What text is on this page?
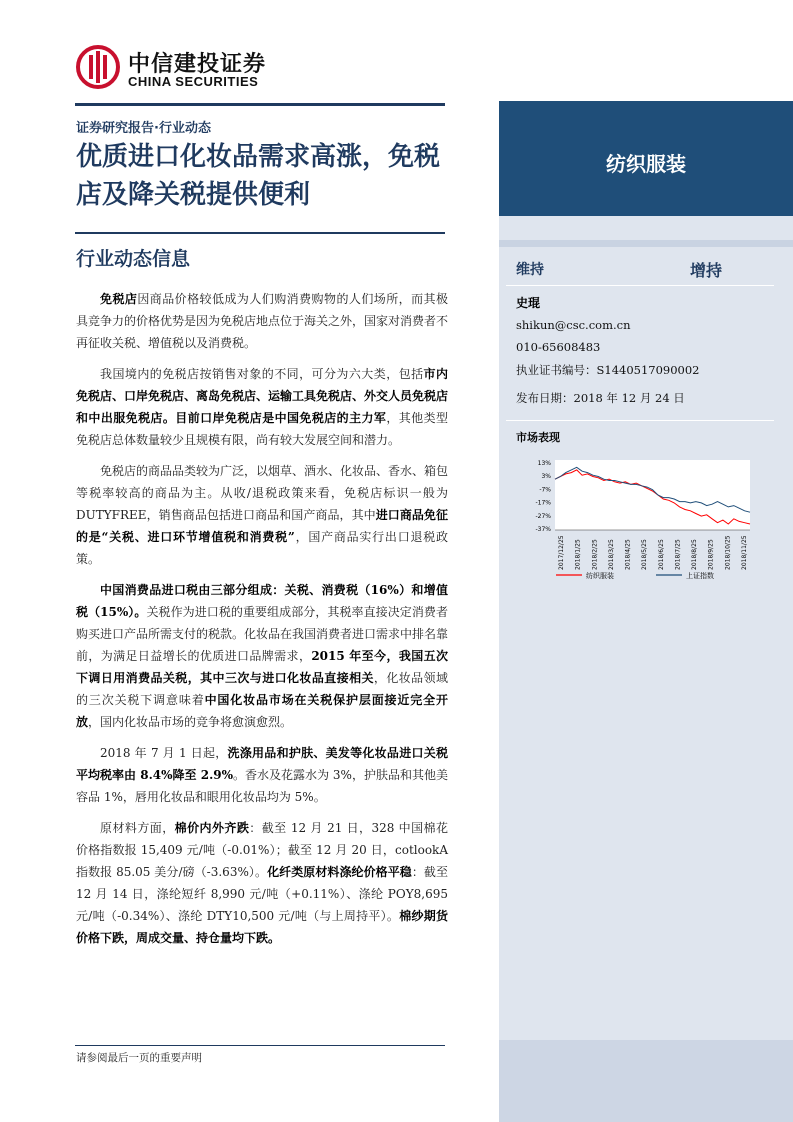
纺织服装
中信建投证券
CHINA SECURITIES
证券研究报告·行业动态
优质进口化妆品需求高涨，免税店及降关税提供便利
行业动态信息

免税店因商品价格较低成为人们购消费购物的人们场所，而其极具竞争力的价格优势是因为免税店地点位于海关之外，国家对消费者不再征收关税、增值税以及消费税。

我国境内的免税店按销售对象的不同，可分为六大类，包括市内免税店、口岸免税店、离岛免税店、运输工具免税店、外交人员免税店和中出服免税店。目前口岸免税店是中国免税店的主力军，其他类型免税店总体数量较少且规模有限，尚有较大发展空间和潜力。

免税店的商品品类较为广泛，以烟草、酒水、化妆品、香水、箱包等税率较高的商品为主。从收/退税政策来看，免税店标识一般为 DUTYFREE，销售商品包括进口商品和国产商品，其中进口商品免征的是“关税、进口环节增值税和消费税”，国产商品实行出口退税政策。

中国消费品进口税由三部分组成：关税、消费税（16%）和增值税（15%）。关税作为进口税的重要组成部分，其税率直接决定消费者购买进口产品所需支付的税款。化妆品在我国消费者进口需求中排名靠前，为满足日益增长的优质进口品牌需求，2015 年至今，我国五次下调日用消费品关税，其中三次与进口化妆品直接相关，化妆品领域的三次关税下调意味着中国化妆品市场在关税保护层面接近完全开放，国内化妆品市场的竞争将愈演愈烈。

2018 年 7 月 1 日起，洗涤用品和护肤、美发等化妆品进口关税平均税率由 8.4%降至 2.9%。香水及花露水为 3%，护肤品和其他美容品 1%，唇用化妆品和眼用化妆品均为 5%。

原材料方面，棉价内外齐跌：截至 12 月 21 日，328 中国棉花价格指数报 15,409 元/吨（-0.01%）；截至 12 月 20 日，cotlookA 指数报 85.05 美分/磅（-3.63%）。化纤类原材料涤纶价格平稳：截至 12 月 14 日，涤纶短纤 8,990 元/吨（+0.11%）、涤纶 POY8,695 元/吨（-0.34%）、涤纶 DTY10,500 元/吨（与上周持平）。棉纱期货价格下跌，周成交量、持仓量均下跌。

维持	增持
史琨
shikun@csc.com.cn
010-65608483
执业证书编号：S1440517090002
发布日期：2018 年 12 月 24 日
市场表现
13%
3%
-7%
-17%
-27%
-37%
2017/12/25 2018/1/25 2018/2/25 2018/3/25 2018/4/25 2018/5/25 2018/6/25 2018/7/25 2018/8/25 2018/9/25 2018/10/25 2018/11/25
纺织服装	上证指数
请参阅最后一页的重要声明
